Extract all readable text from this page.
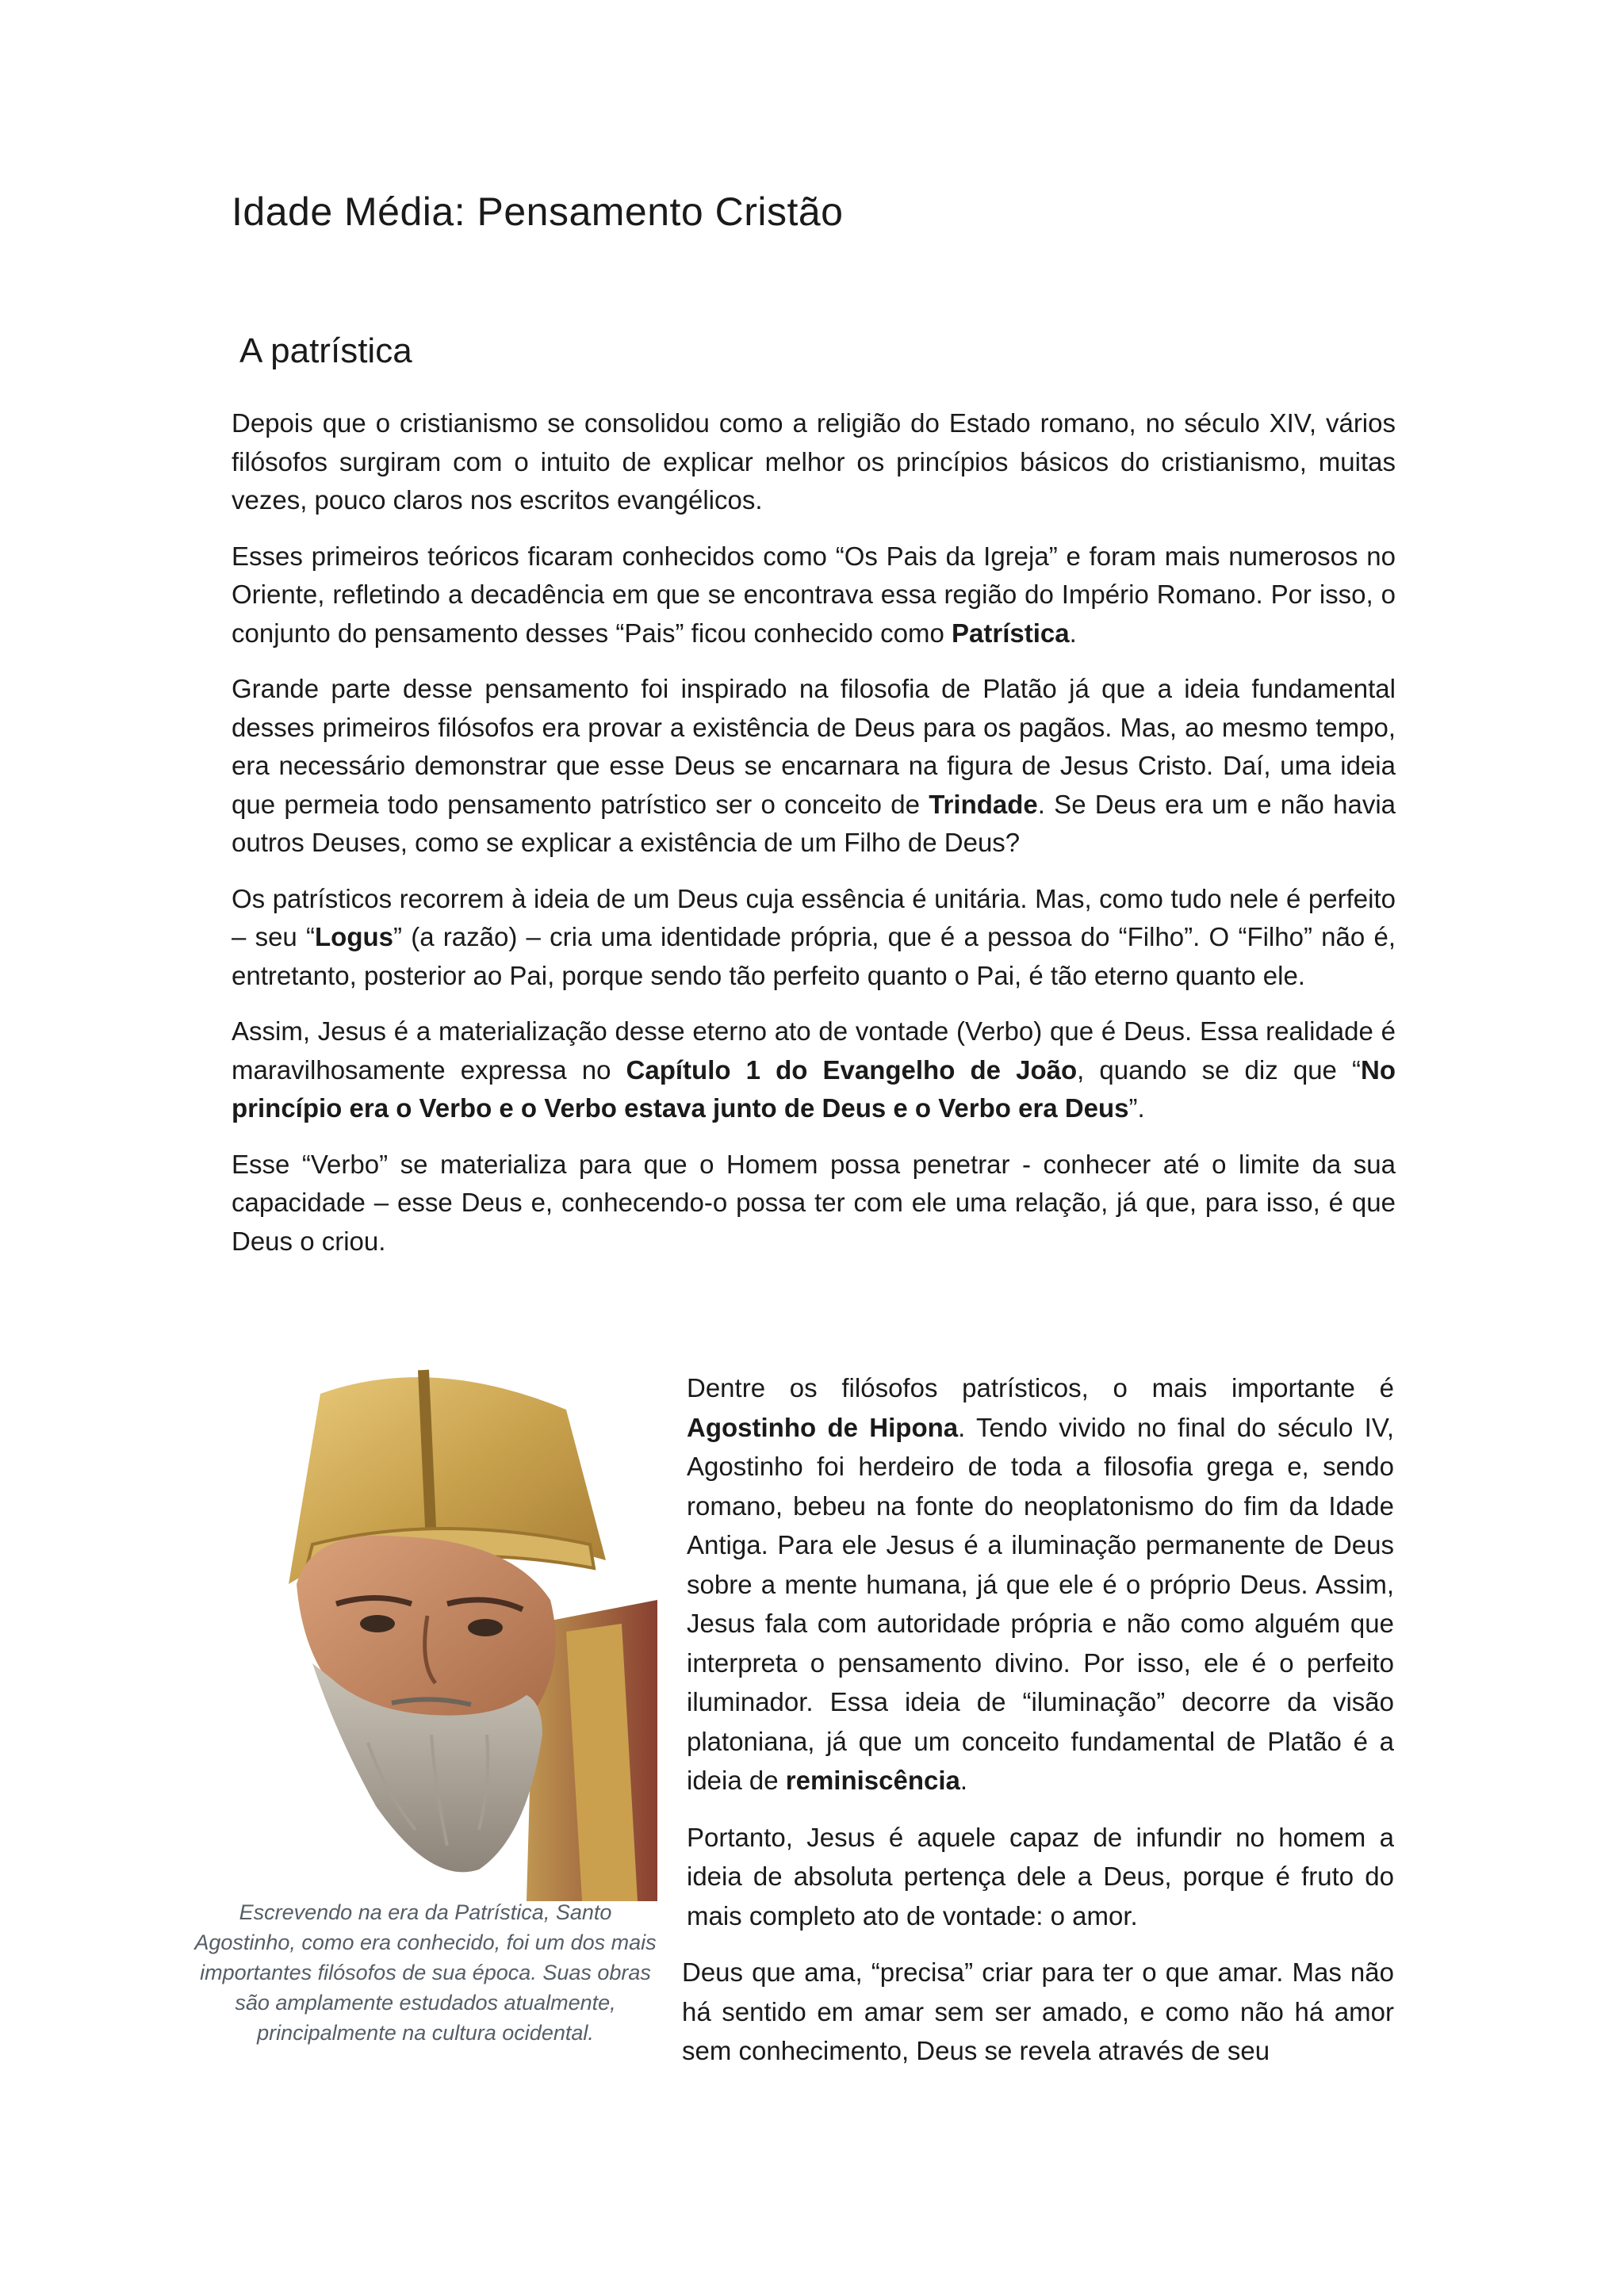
Idade Média: Pensamento Cristão
A patrística

Depois que o cristianismo se consolidou como a religião do Estado romano, no século XIV, vários filósofos surgiram com o intuito de explicar melhor os princípios básicos do cristianismo, muitas vezes, pouco claros nos escritos evangélicos.

Esses primeiros teóricos ficaram conhecidos como “Os Pais da Igreja” e foram mais numerosos no Oriente, refletindo a decadência em que se encontrava essa região do Império Romano. Por isso, o conjunto do pensamento desses “Pais” ficou conhecido como Patrística.

Grande parte desse pensamento foi inspirado na filosofia de Platão já que a ideia fundamental desses primeiros filósofos era provar a existência de Deus para os pagãos. Mas, ao mesmo tempo, era necessário demonstrar que esse Deus se encarnara na figura de Jesus Cristo. Daí, uma ideia que permeia todo pensamento patrístico ser o conceito de Trindade. Se Deus era um e não havia outros Deuses, como se explicar a existência de um Filho de Deus?

Os patrísticos recorrem à ideia de um Deus cuja essência é unitária. Mas, como tudo nele é perfeito – seu “Logus” (a razão) – cria uma identidade própria, que é a pessoa do “Filho”. O “Filho” não é, entretanto, posterior ao Pai, porque sendo tão perfeito quanto o Pai, é tão eterno quanto ele.

Assim, Jesus é a materialização desse eterno ato de vontade (Verbo) que é Deus. Essa realidade é maravilhosamente expressa no Capítulo 1 do Evangelho de João, quando se diz que “No princípio era o Verbo e o Verbo estava junto de Deus e o Verbo era Deus”.

Esse “Verbo” se materializa para que o Homem possa penetrar - conhecer até o limite da sua capacidade – esse Deus e, conhecendo-o possa ter com ele uma relação, já que, para isso, é que Deus o criou.

Escrevendo na era da Patrística, Santo Agostinho, como era conhecido, foi um dos mais importantes filósofos de sua época. Suas obras são amplamente estudados atualmente, principalmente na cultura ocidental.

Dentre os filósofos patrísticos, o mais importante é Agostinho de Hipona. Tendo vivido no final do século IV, Agostinho foi herdeiro de toda a filosofia grega e, sendo romano, bebeu na fonte do neoplatonismo do fim da Idade Antiga. Para ele Jesus é a iluminação permanente de Deus sobre a mente humana, já que ele é o próprio Deus. Assim, Jesus fala com autoridade própria e não como alguém que interpreta o pensamento divino. Por isso, ele é o perfeito iluminador. Essa ideia de “iluminação” decorre da visão platoniana, já que um conceito fundamental de Platão é a ideia de reminiscência.

Portanto, Jesus é aquele capaz de infundir no homem a ideia de absoluta pertença dele a Deus, porque é fruto do mais completo ato de vontade: o amor.

Deus que ama, “precisa” criar para ter o que amar. Mas não há sentido em amar sem ser amado, e como não há amor sem conhecimento, Deus se revela através de seu
